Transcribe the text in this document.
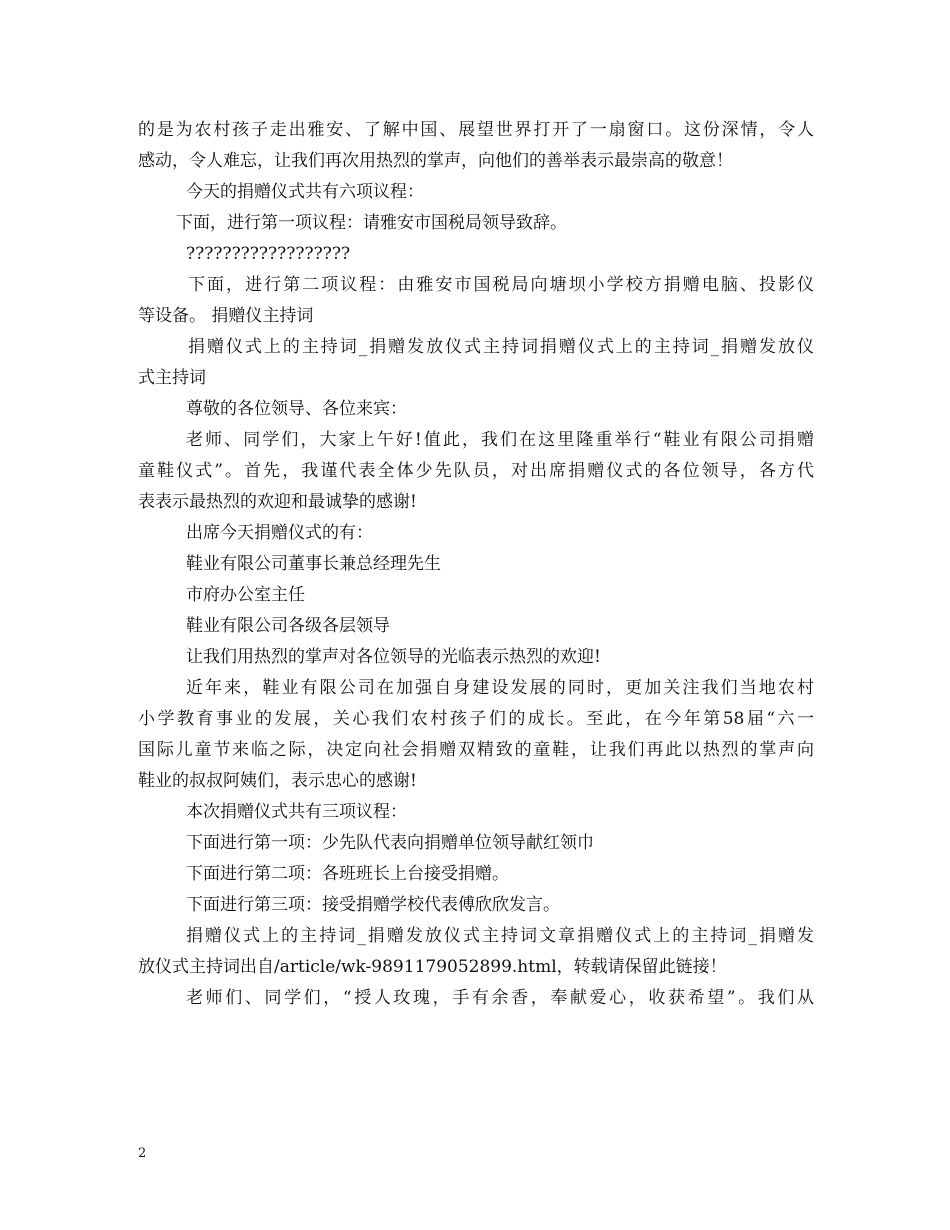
的是为农村孩子走出雅安、了解中国、展望世界打开了一扇窗口。这份深情，令人
感动，令人难忘，让我们再次用热烈的掌声，向他们的善举表示最崇高的敬意！
今天的捐赠仪式共有六项议程：
下面，进行第一项议程：请雅安市国税局领导致辞。
??????????????????
下面，进行第二项议程：由雅安市国税局向塘坝小学校方捐赠电脑、投影仪
等设备。 捐赠仪主持词
捐赠仪式上的主持词_捐赠发放仪式主持词捐赠仪式上的主持词_捐赠发放仪
式主持词
尊敬的各位领导、各位来宾：
老师、同学们，大家上午好!值此，我们在这里隆重举行“鞋业有限公司捐赠
童鞋仪式”。首先，我谨代表全体少先队员，对出席捐赠仪式的各位领导，各方代
表表示最热烈的欢迎和最诚挚的感谢!
出席今天捐赠仪式的有：
鞋业有限公司董事长兼总经理先生
市府办公室主任
鞋业有限公司各级各层领导
让我们用热烈的掌声对各位领导的光临表示热烈的欢迎!
近年来，鞋业有限公司在加强自身建设发展的同时，更加关注我们当地农村
小学教育事业的发展，关心我们农村孩子们的成长。至此，在今年第58届“六一
国际儿童节来临之际，决定向社会捐赠双精致的童鞋，让我们再此以热烈的掌声向
鞋业的叔叔阿姨们，表示忠心的感谢!
本次捐赠仪式共有三项议程：
下面进行第一项：少先队代表向捐赠单位领导献红领巾
下面进行第二项：各班班长上台接受捐赠。
下面进行第三项：接受捐赠学校代表傅欣欣发言。
捐赠仪式上的主持词_捐赠发放仪式主持词文章捐赠仪式上的主持词_捐赠发
放仪式主持词出自/article/wk-9891179052899.html，转载请保留此链接！
老师们、同学们，“授人玫瑰，手有余香，奉献爱心，收获希望”。我们从
2
